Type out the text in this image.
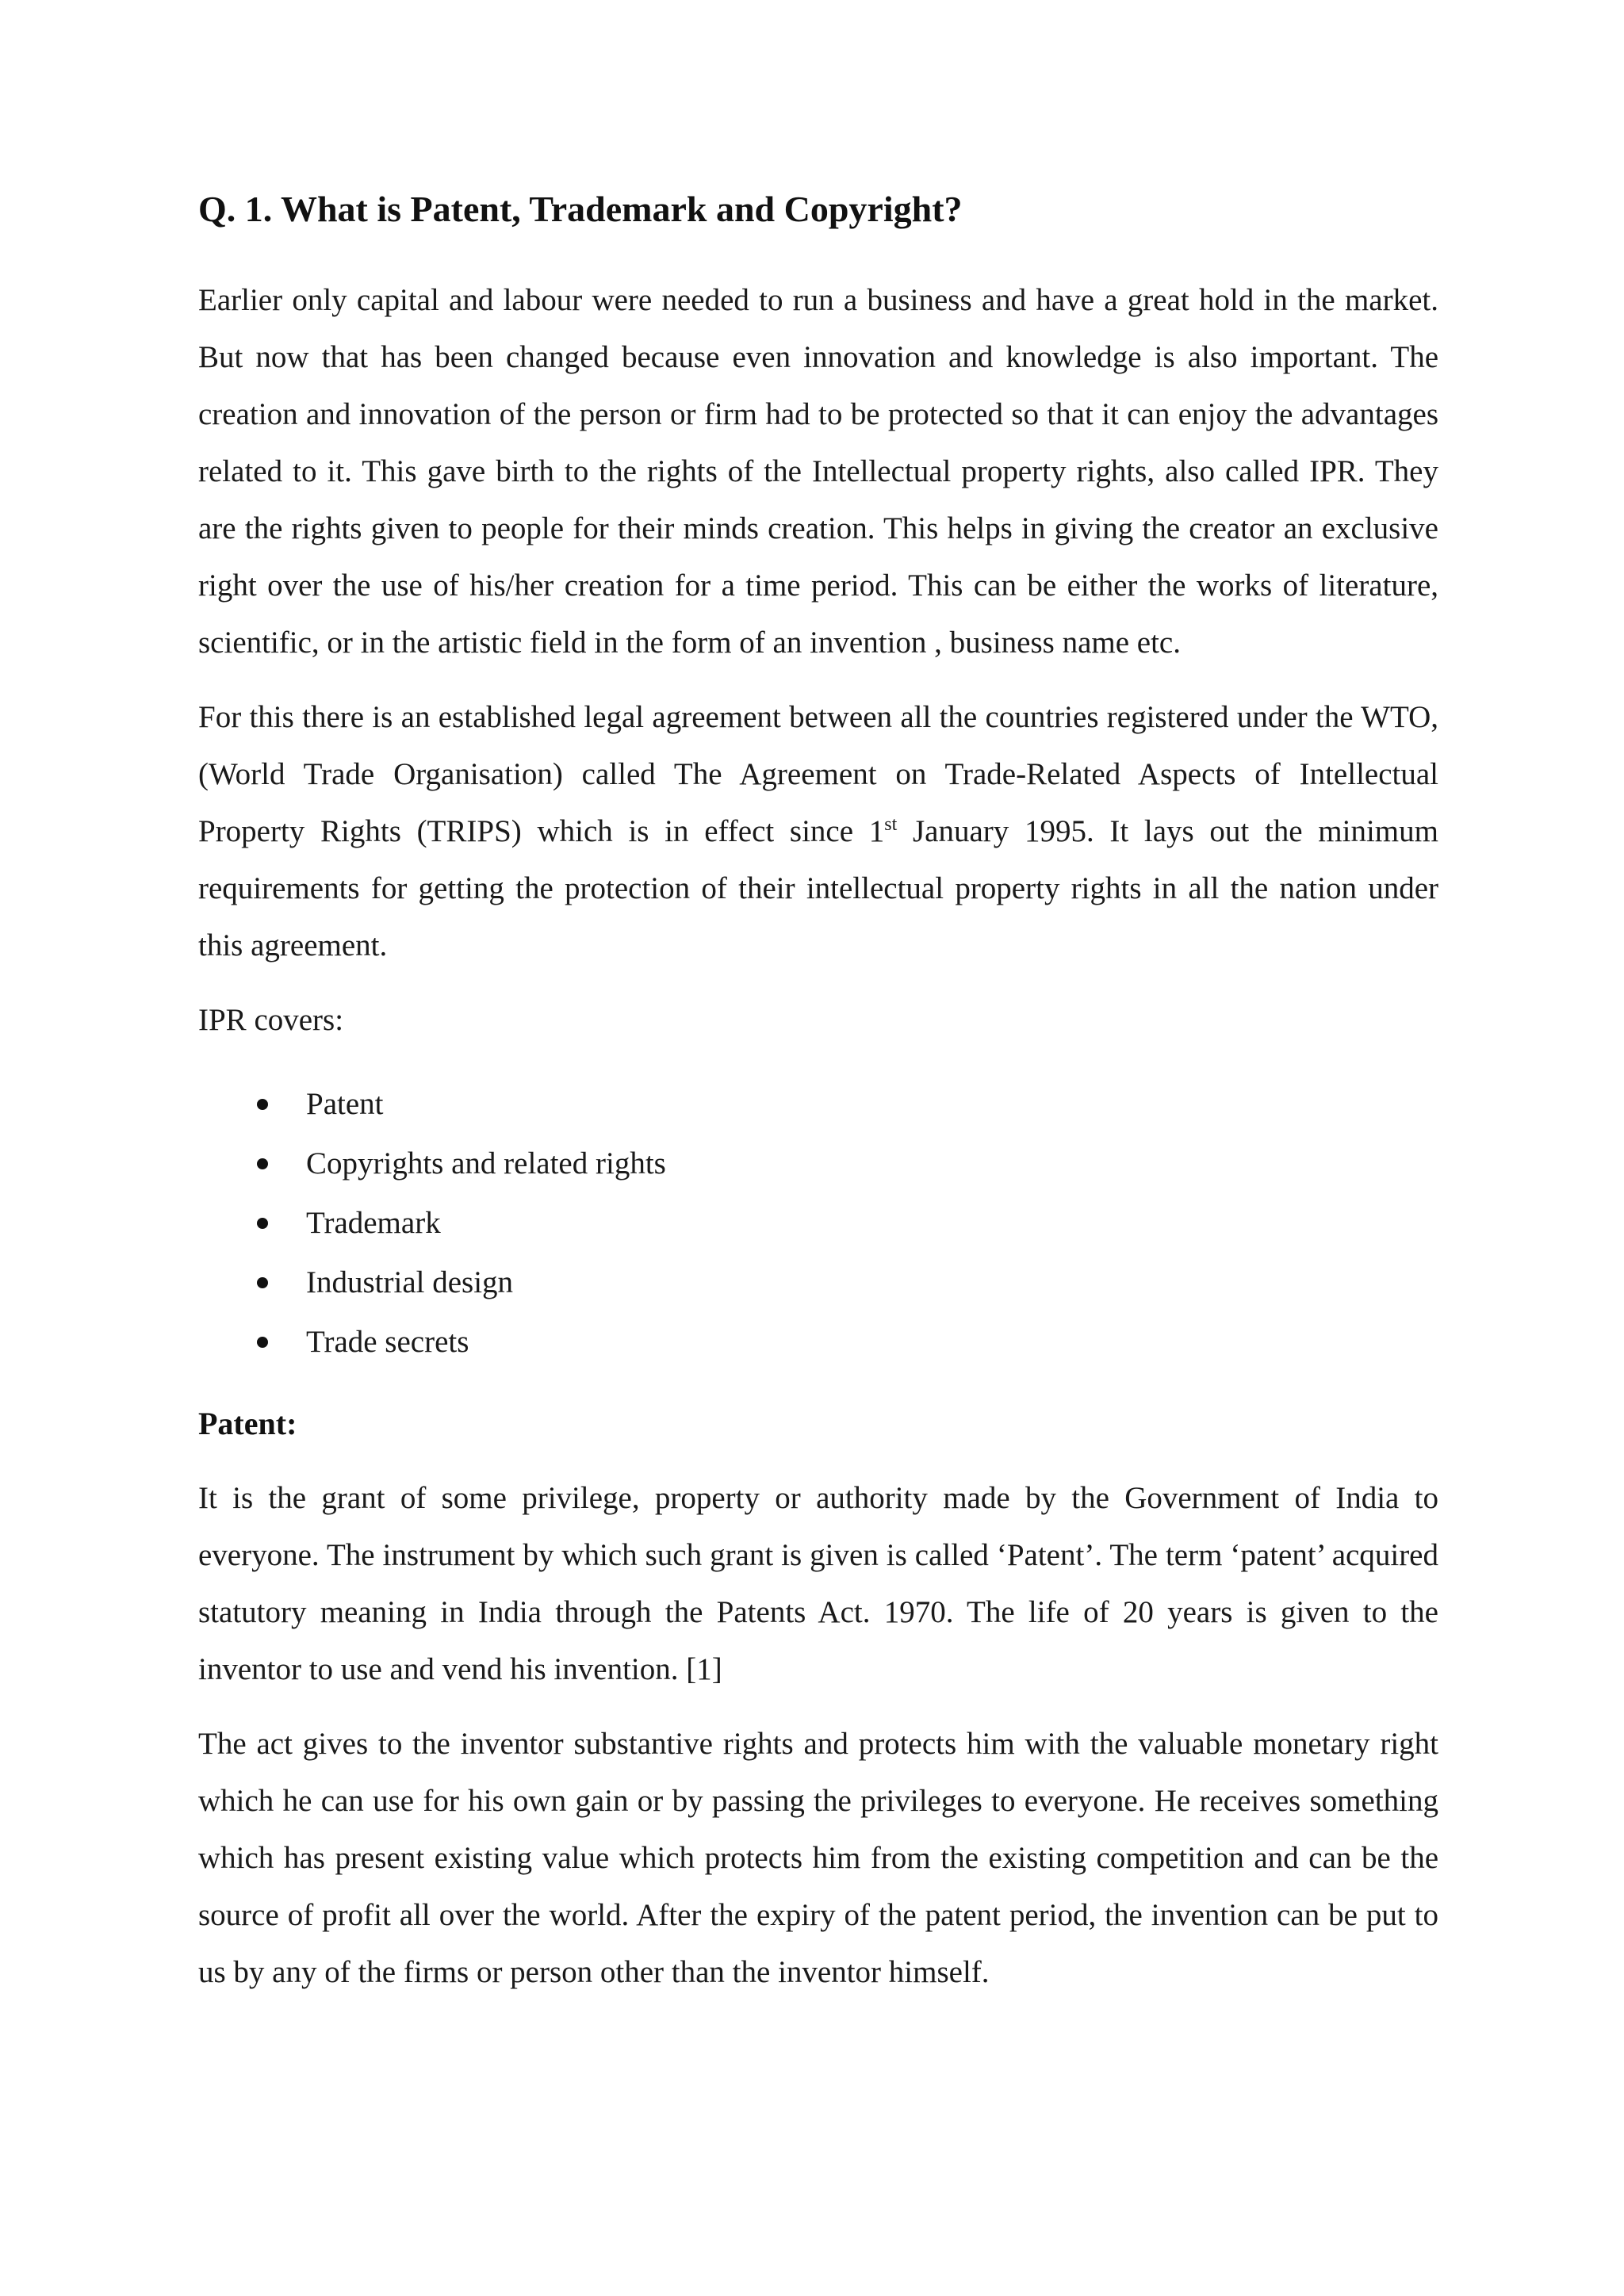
Q. 1. What is Patent, Trademark and Copyright?

Earlier only capital and labour were needed to run a business and have a great hold in the market. But now that has been changed because even innovation and knowledge is also important. The creation and innovation of the person or firm had to be protected so that it can enjoy the advantages related to it. This gave birth to the rights of the Intellectual property rights, also called IPR. They are the rights given to people for their minds creation. This helps in giving the creator an exclusive right over the use of his/her creation for a time period. This can be either the works of literature, scientific, or in the artistic field in the form of an invention , business name etc.

For this there is an established legal agreement between all the countries registered under the WTO, (World Trade Organisation) called The Agreement on Trade-Related Aspects of Intellectual Property Rights (TRIPS) which is in effect since 1st January 1995. It lays out the minimum requirements for getting the protection of their intellectual property rights in all the nation under this agreement.

IPR covers:

Patent
Copyrights and related rights
Trademark
Industrial design
Trade secrets
Patent:

It is the grant of some privilege, property or authority made by the Government of India to everyone. The instrument by which such grant is given is called ‘Patent’. The term ‘patent’ acquired statutory meaning in India through the Patents Act. 1970. The life of 20 years is given to the inventor to use and vend his invention. [1]

The act gives to the inventor substantive rights and protects him with the valuable monetary right which he can use for his own gain or by passing the privileges to everyone. He receives something which has present existing value which protects him from the existing competition and can be the source of profit all over the world. After the expiry of the patent period, the invention can be put to us by any of the firms or person other than the inventor himself.
